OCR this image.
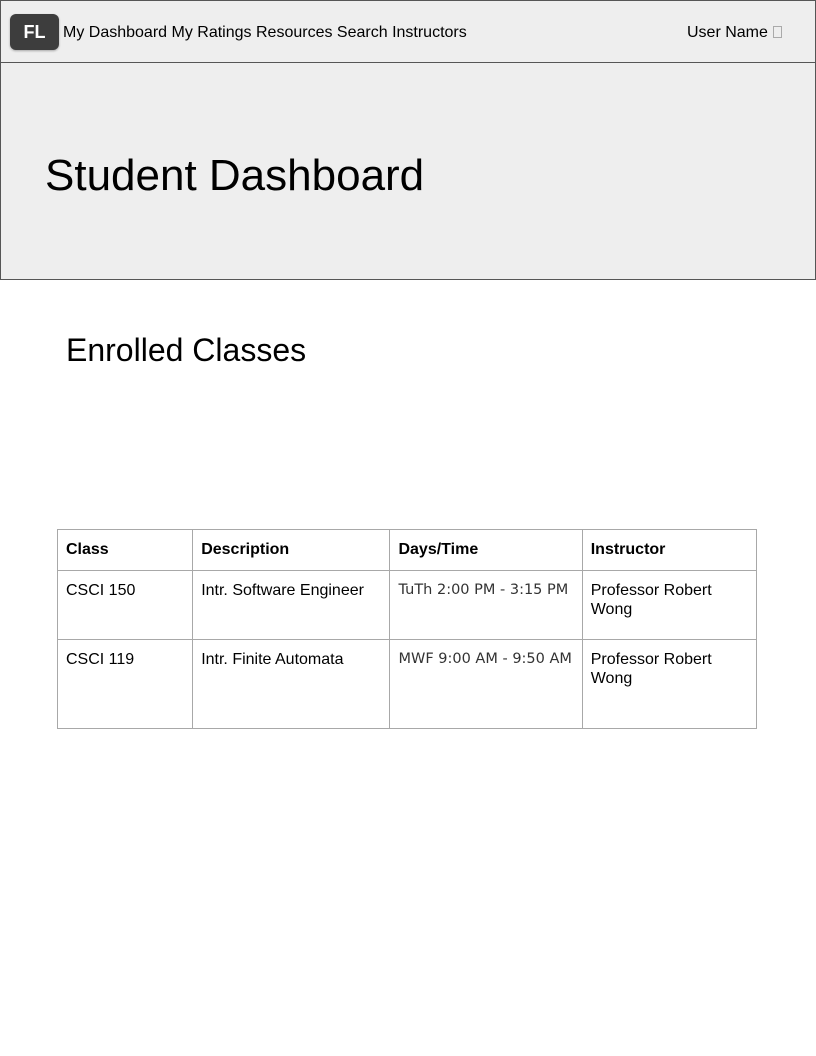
FL	My Dashboard My Ratings Resources Search Instructors	User Name
Student Dashboard
Enrolled Classes
Class	Description	Days/Time	Instructor
CSCI 150	Intr. Software Engineer	TuTh 2:00 PM - 3:15 PM	Professor Robert Wong
CSCI 119	Intr. Finite Automata	MWF 9:00 AM - 9:50 AM	Professor Robert Wong
